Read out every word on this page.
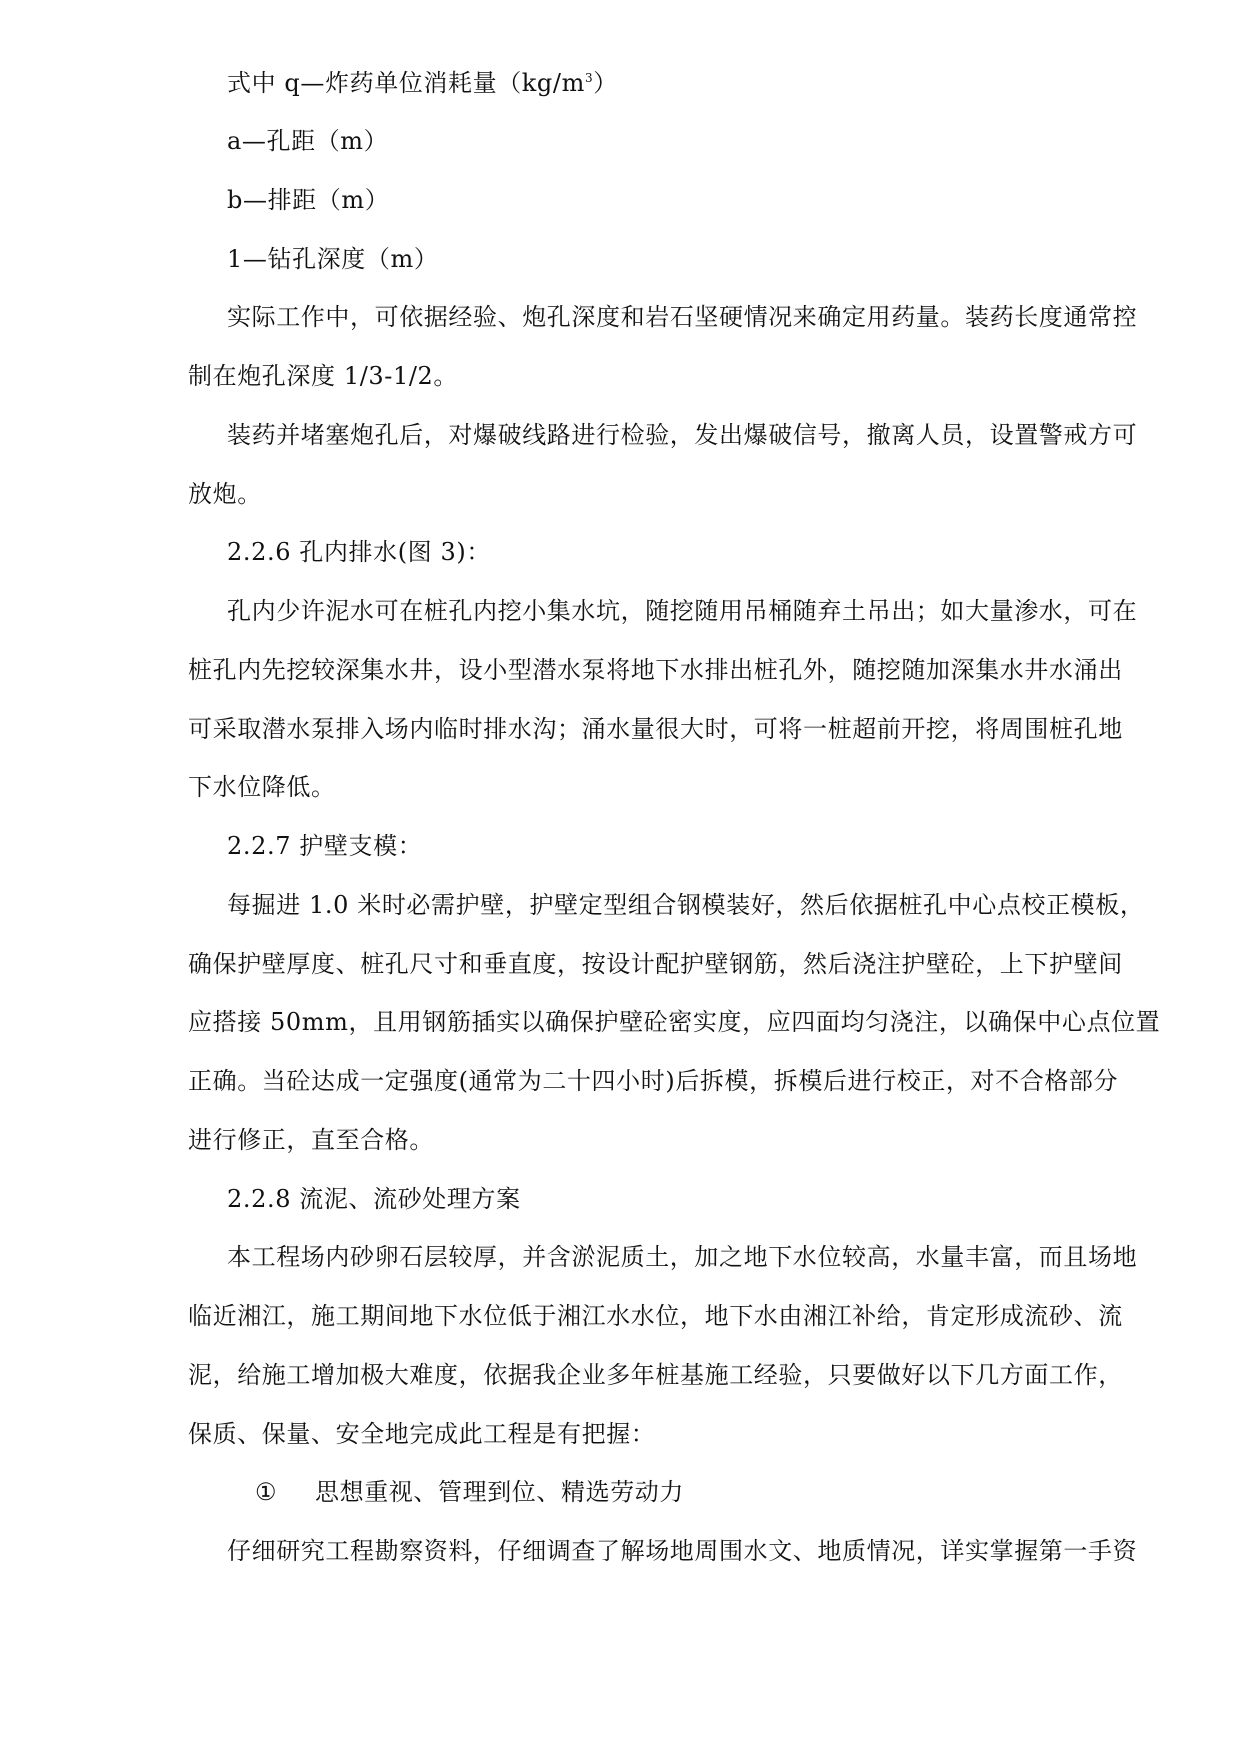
式中 q—炸药单位消耗量$(kg/m^3)$
a—孔距（m）
b—排距（m）
1—钻孔深度（m）
实际工作中，可依据经验、炮孔深度和岩石坚硬情况来确定用药量。装药长度通常控
制在炮孔深度 1/3-1/2。
装药并堵塞炮孔后，对爆破线路进行检验，发出爆破信号，撤离人员，设置警戒方可
放炮。
2.2.6 孔内排水(图 3)：
孔内少许泥水可在桩孔内挖小集水坑，随挖随用吊桶随弃土吊出；如大量渗水，可在
桩孔内先挖较深集水井，设小型潜水泵将地下水排出桩孔外，随挖随加深集水井水涌出
可采取潜水泵排入场内临时排水沟；涌水量很大时，可将一桩超前开挖，将周围桩孔地
下水位降低。
2.2.7 护壁支模：
每掘进 1.0 米时必需护壁，护壁定型组合钢模装好，然后依据桩孔中心点校正模板，
确保护壁厚度、桩孔尺寸和垂直度，按设计配护壁钢筋，然后浇注护壁砼，上下护壁间
应搭接 50mm，且用钢筋插实以确保护壁砼密实度，应四面均匀浇注，以确保中心点位置
正确。当砼达成一定强度(通常为二十四小时)后拆模，拆模后进行校正，对不合格部分
进行修正，直至合格。
2.2.8 流泥、流砂处理方案
本工程场内砂卵石层较厚，并含淤泥质土，加之地下水位较高，水量丰富，而且场地
临近湘江，施工期间地下水位低于湘江水水位，地下水由湘江补给，肯定形成流砂、流
泥，给施工增加极大难度，依据我企业多年桩基施工经验，只要做好以下几方面工作，
保质、保量、安全地完成此工程是有把握：
① 思想重视、管理到位、精选劳动力
仔细研究工程勘察资料，仔细调查了解场地周围水文、地质情况，详实掌握第一手资
